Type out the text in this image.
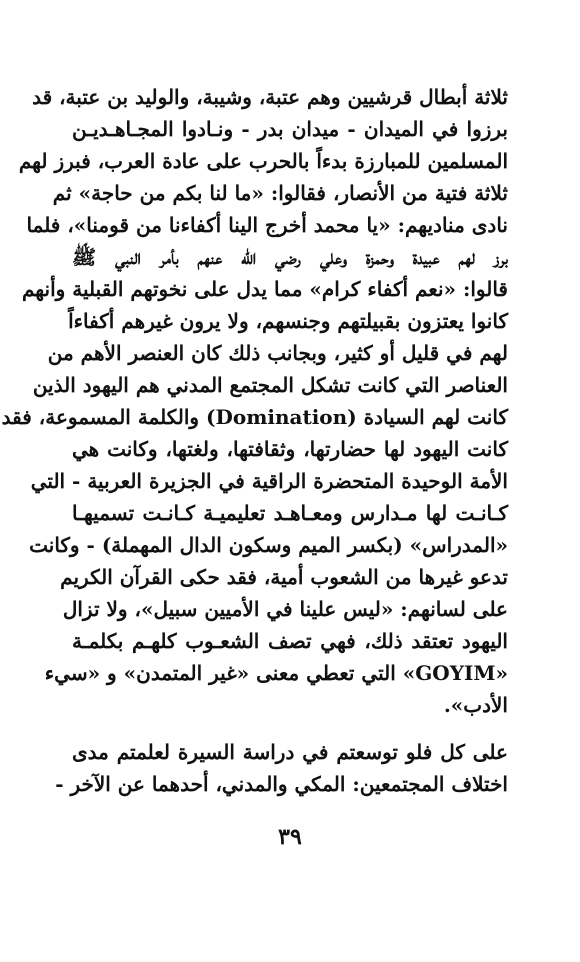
ثلاثة أبطال قرشيين وهم عتبة، وشيبة، والوليد بن عتبة، قد
برزوا في الميدان - ميدان بدر - ونـادوا المجـاهـديـن
المسلمين للمبارزة بدءاً بالحرب على عادة العرب، فبرز لهم
ثلاثة فتية من الأنصار، فقالوا: «ما لنا بكم من حاجة» ثم
نادى مناديهم: «يا محمد أخرج الينا أكفاءنا من قومنا»، فلما
برز لهم عبيدة وحمزة وعلي رضي الله عنهم بأمر النبي ﷺ
قالوا: «نعم أكفاء كرام» مما يدل على نخوتهم القبلية وأنهم
كانوا يعتزون بقبيلتهم وجنسهم، ولا يرون غيرهم أكفاءاً
لهم في قليل أو كثير، وبجانب ذلك كان العنصر الأهم من
العناصر التي كانت تشكل المجتمع المدني هم اليهود الذين
كانت لهم السيادة (Domination) والكلمة المسموعة، فقد
كانت اليهود لها حضارتها، وثقافتها، ولغتها، وكانت هي
الأمة الوحيدة المتحضرة الراقية في الجزيرة العربية - التي
كـانـت لها مـدارس ومعـاهـد تعليميـة كـانـت تسميهـا
«المدراس» (بكسر الميم وسكون الدال المهملة) - وكانت
تدعو غيرها من الشعوب أمية، فقد حكى القرآن الكريم
على لسانهم: «ليس علينا في الأميين سبيل»، ولا تزال
اليهود تعتقد ذلك، فهي تصف الشعـوب كلهـم بكلمـة
«GOYIM» التي تعطي معنى «غير المتمدن» و «سيء
الأدب».
على كل فلو توسعتم في دراسة السيرة لعلمتم مدى
اختلاف المجتمعين: المكي والمدني، أحدهما عن الآخر -
٣٩
